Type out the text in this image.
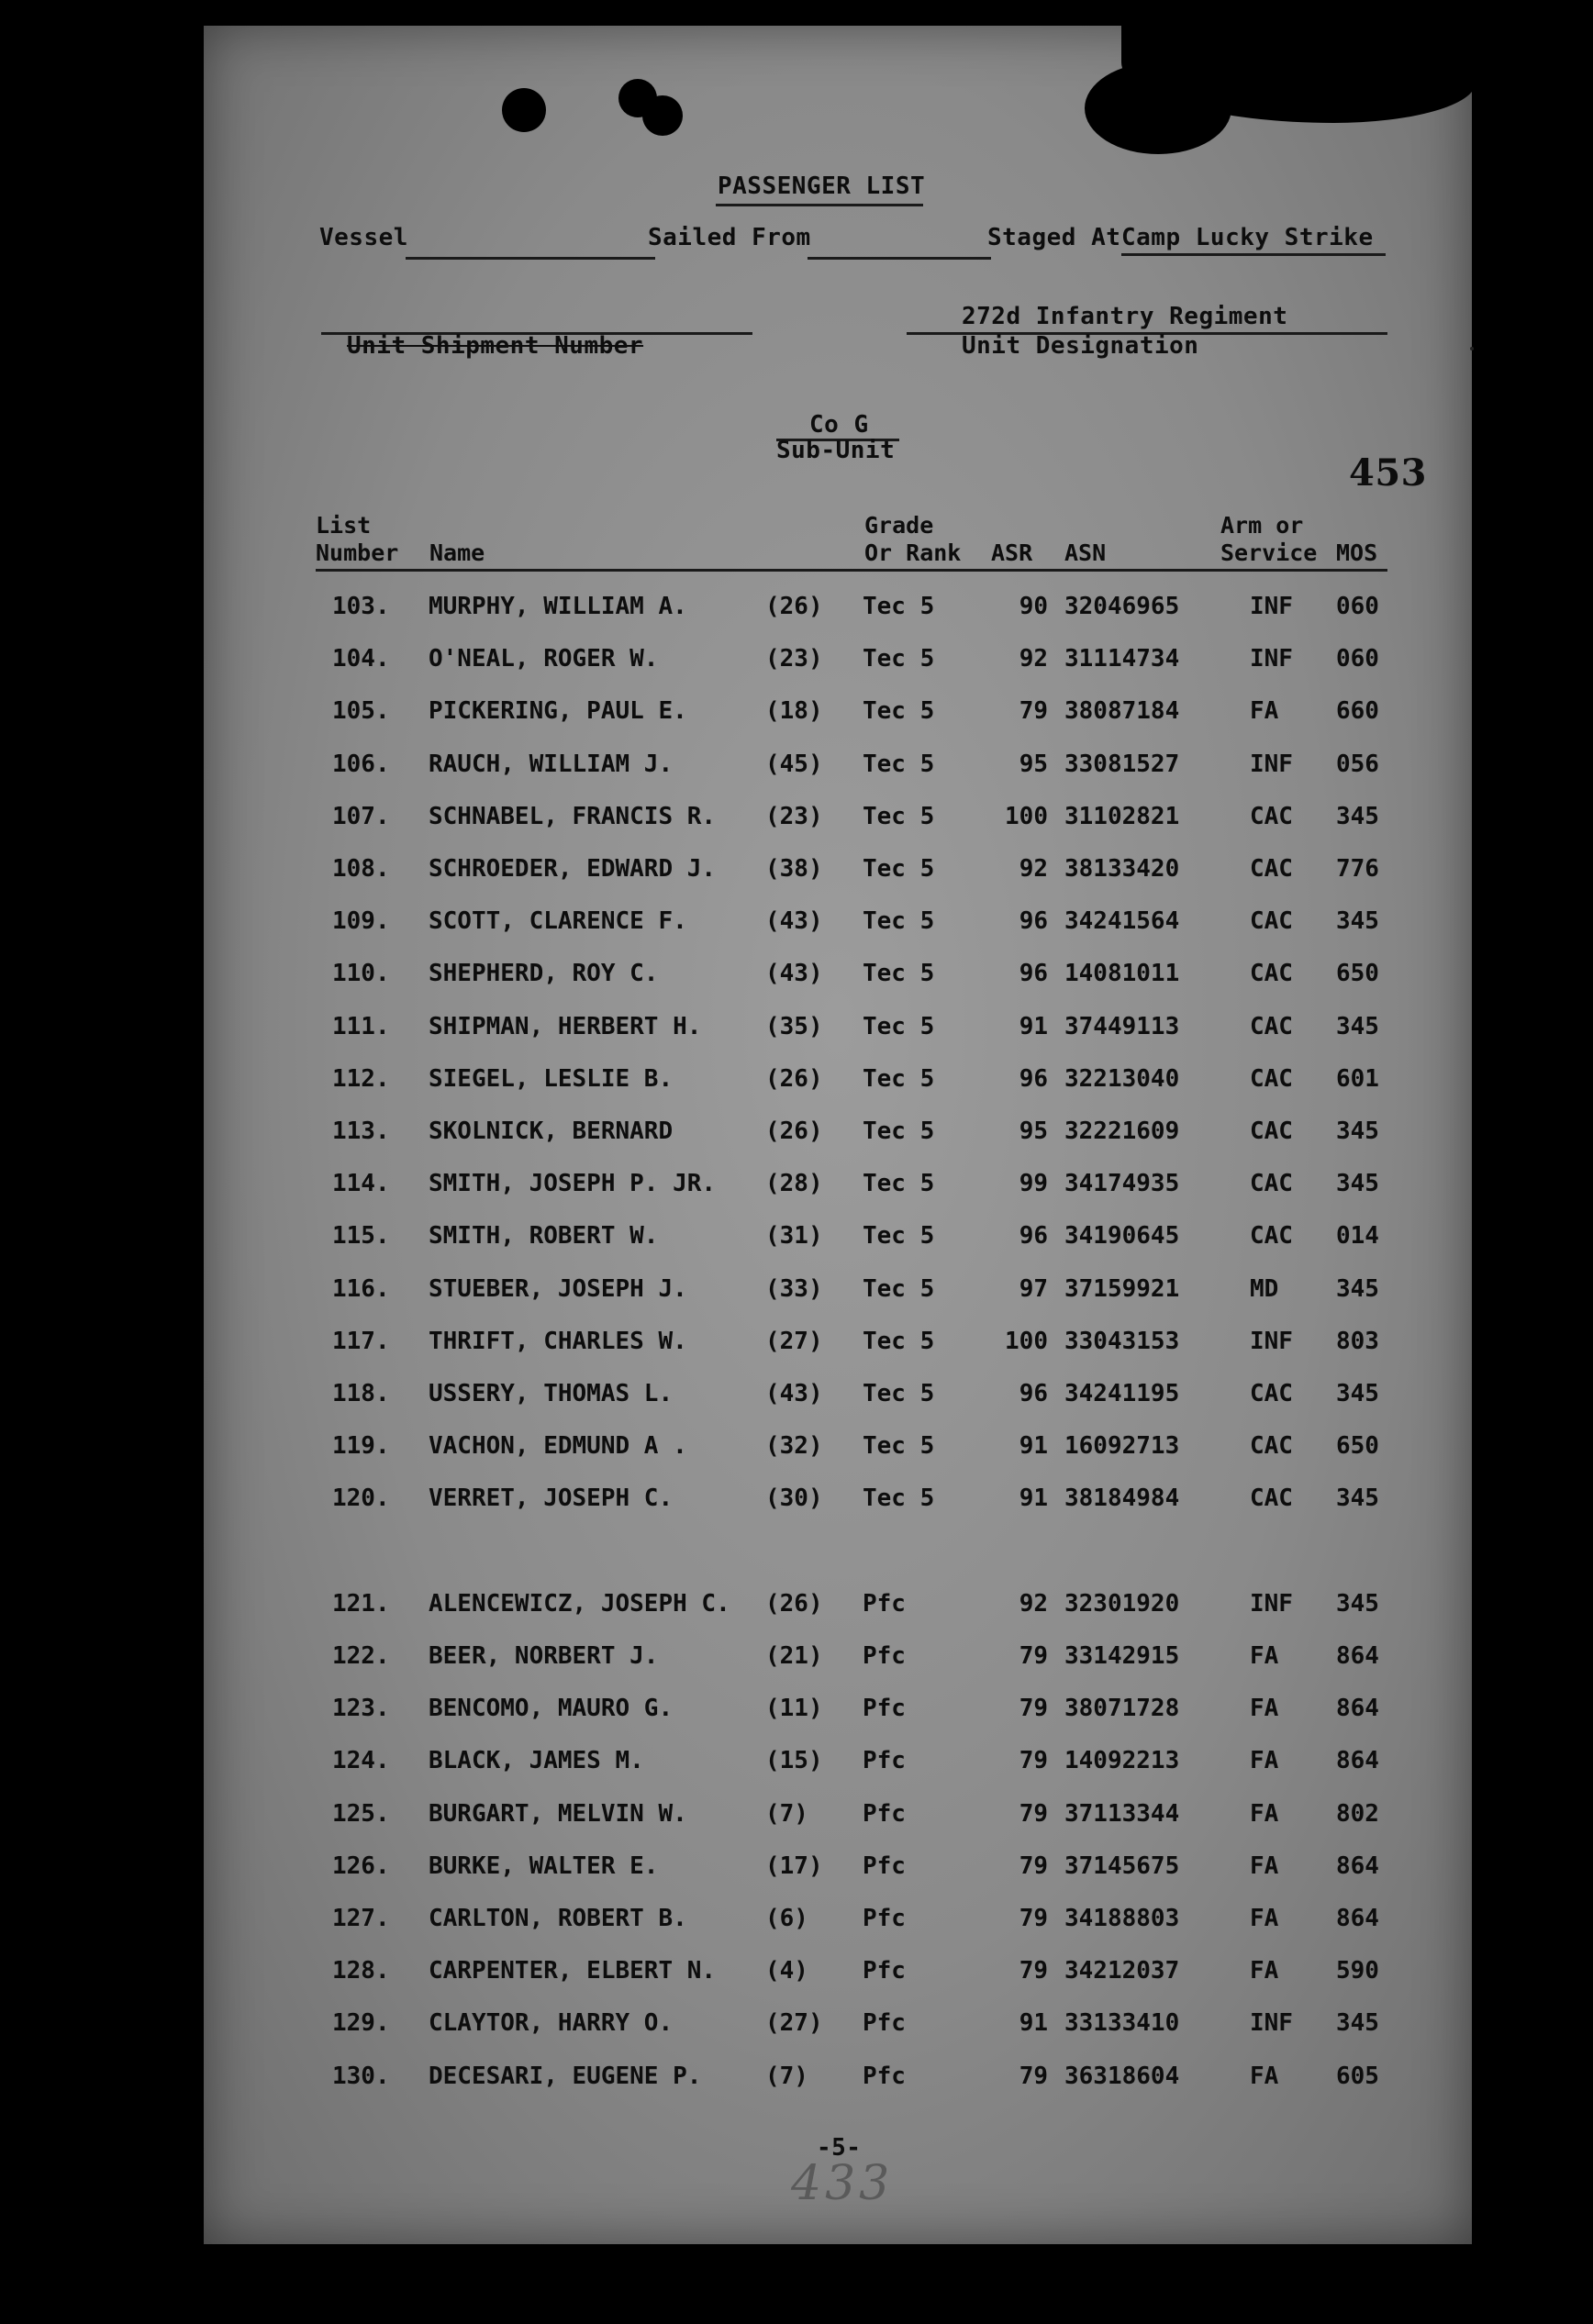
PASSENGER LIST
Vessel	Sailed From	Staged At Camp Lucky Strike
272d Infantry Regiment
Unit Shipment Number	Unit Designation
Co G
Sub-Unit
453
List
Number Name
Grade
Or Rank ASR ASN
Arm or
Service MOS
103. MURPHY, WILLIAM A.	(26) Tec 5	90 32046965	INF 060
104. O'NEAL, ROGER W.	(23) Tec 5	92 31114734	INF 060
105. PICKERING, PAUL E.	(18) Tec 5	79 38087184	FA 660
106. RAUCH, WILLIAM J.	(45) Tec 5	95 33081527	INF 056
107. SCHNABEL, FRANCIS R. (23) Tec 5	100 31102821	CAC 345
108. SCHROEDER, EDWARD J. (38) Tec 5	92 38133420	CAC 776
109. SCOTT, CLARENCE F.	(43) Tec 5	96 34241564	CAC 345
110. SHEPHERD, ROY C.	(43) Tec 5	96 14081011	CAC 650
111. SHIPMAN, HERBERT H.	(35) Tec 5	91 37449113	CAC 345
112. SIEGEL, LESLIE B.	(26) Tec 5	96 32213040	CAC 601
113. SKOLNICK, BERNARD	(26) Tec 5	95 32221609	CAC 345
114. SMITH, JOSEPH P. JR. (28) Tec 5	99 34174935	CAC 345
115. SMITH, ROBERT W.	(31) Tec 5	96 34190645	CAC 014
116. STUEBER, JOSEPH J.	(33) Tec 5	97 37159921	MD 345
117. THRIFT, CHARLES W.	(27) Tec 5	100 33043153	INF 803
118. USSERY, THOMAS L.	(43) Tec 5	96 34241195	CAC 345
119. VACHON, EDMUND A .	(32) Tec 5	91 16092713	CAC 650
120. VERRET, JOSEPH C.	(30) Tec 5	91 38184984	CAC 345
121. ALENCEWICZ, JOSEPH C. (26) Pfc	92 32301920	INF 345
122. BEER, NORBERT J.	(21) Pfc	79 33142915	FA 864
123. BENCOMO, MAURO G.	(11) Pfc	79 38071728	FA 864
124. BLACK, JAMES M.	(15) Pfc	79 14092213	FA 864
125. BURGART, MELVIN W.	(7) Pfc	79 37113344	FA 802
126. BURKE, WALTER E.	(17) Pfc	79 37145675	FA 864
127. CARLTON, ROBERT B.	(6) Pfc	79 34188803	FA 864
128. CARPENTER, ELBERT N. (4) Pfc	79 34212037	FA 590
129. CLAYTOR, HARRY O.	(27) Pfc	91 33133410	INF 345
130. DECESARI, EUGENE P.	(7) Pfc	79 36318604	FA 605
-5-
433
